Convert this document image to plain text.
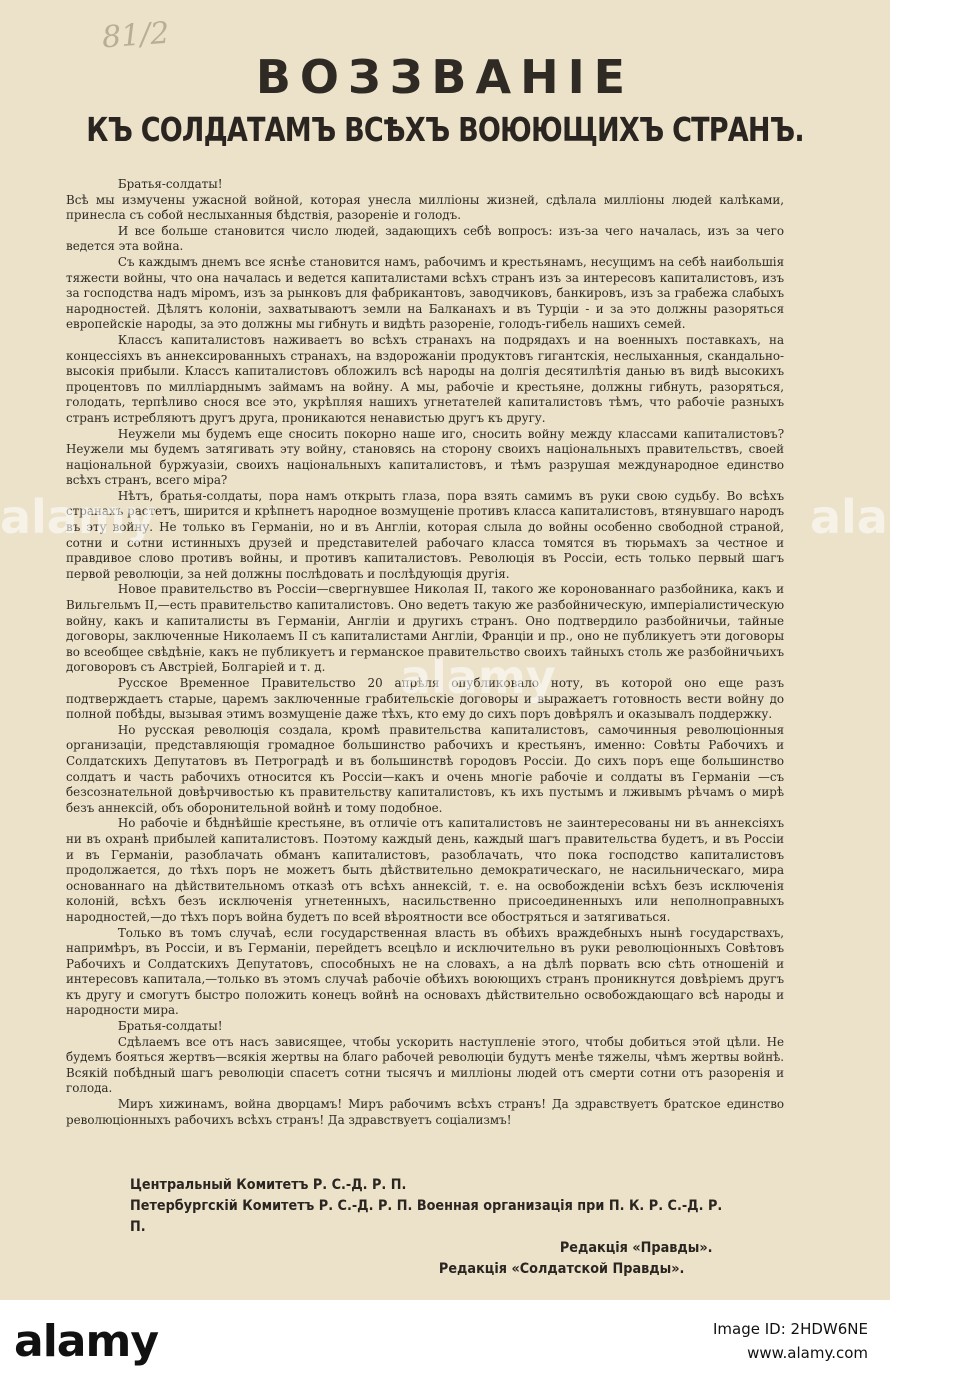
81/2
ВОЗЗВАНІЕ
КЪ СОЛДАТАМЪ ВСѢХЪ ВОЮЮЩИХЪ СТРАНЪ.

Братья-солдаты!

Всѣ мы измучены ужасной войной, которая унесла милліоны жизней, сдѣлала милліоны людей калѣками, принесла съ собой неслыханныя бѣдствія, разореніе и голодъ.

И все больше становится число людей, задающихъ себѣ вопросъ: изъ-за чего началась, изъ за чего ведется эта война.

Съ каждымъ днемъ все яснѣе становится намъ, рабочимъ и крестьянамъ, несущимъ на себѣ наибольшія тяжести войны, что она началась и ведется капиталистами всѣхъ странъ изъ за интересовъ капиталистовъ, изъ за господства надъ міромъ, изъ за рынковъ для фабрикантовъ, заводчиковъ, банкировъ, изъ за грабежа слабыхъ народностей. Дѣлятъ колоніи, захватываютъ земли на Балканахъ и въ Турціи - и за это должны разоряться европейскіе народы, за это должны мы гибнуть и видѣть разореніе, голодъ-гибель нашихъ семей.

Классъ капиталистовъ наживаетъ во всѣхъ странахъ на подрядахъ и на военныхъ поставкахъ, на концессіяхъ въ аннексированныхъ странахъ, на вздорожаніи продуктовъ гигантскія, неслыханныя, скандально-высокія прибыли. Классъ капиталистовъ обложилъ всѣ народы на долгія десятилѣтія данью въ видѣ высокихъ процентовъ по милліарднымъ займамъ на войну. А мы, рабочіе и крестьяне, должны гибнуть, разоряться, голодать, терпѣливо снося все это, укрѣпляя нашихъ угнетателей капиталистовъ тѣмъ, что рабочіе разныхъ странъ истребляютъ другъ друга, проникаются ненавистью другъ къ другу.

Неужели мы будемъ еще сносить покорно наше иго, сносить войну между классами капиталистовъ? Неужели мы будемъ затягивать эту войну, становясь на сторону своихъ національныхъ правительствъ, своей національной буржуазіи, своихъ національныхъ капиталистовъ, и тѣмъ разрушая международное единство всѣхъ странъ, всего міра?

Нѣтъ, братья-солдаты, пора намъ открыть глаза, пора взять самимъ въ руки свою судьбу. Во всѣхъ странахъ растетъ, ширится и крѣпнетъ народное возмущеніе противъ класса капиталистовъ, втянувшаго народъ въ эту войну. Не только въ Германіи, но и въ Англіи, которая слыла до войны особенно свободной страной, сотни и сотни истинныхъ друзей и представителей рабочаго класса томятся въ тюрьмахъ за честное и правдивое слово противъ войны, и противъ капиталистовъ. Революція въ Россіи, есть только первый шагъ первой революціи, за ней должны послѣдовать и послѣдующія другія.

Новое правительство въ Россіи—свергнувшее Николая II, такого же коронованнаго разбойника, какъ и Вильгельмъ II,—есть правительство капиталистовъ. Оно ведетъ такую же разбойническую, имперіалистическую войну, какъ и капиталисты въ Германіи, Англіи и другихъ странъ. Оно подтвердило разбойничьи, тайные договоры, заключенные Николаемъ II съ капиталистами Англіи, Франціи и пр., оно не публикуетъ эти договоры во всеобщее свѣдѣніе, какъ не публикуетъ и германское правительство своихъ тайныхъ столь же разбойничьихъ договоровъ съ Австріей, Болгаріей и т. д.

Русское Временное Правительство 20 апрѣля опубликовало ноту, въ которой оно еще разъ подтверждаетъ старые, царемъ заключенные грабительскіе договоры и выражаетъ готовность вести войну до полной побѣды, вызывая этимъ возмущеніе даже тѣхъ, кто ему до сихъ поръ довѣрялъ и оказывалъ поддержку.

Но русская революція создала, кромѣ правительства капиталистовъ, самочинныя революціонныя организаціи, представляющія громадное большинство рабочихъ и крестьянъ, именно: Совѣты Рабочихъ и Солдатскихъ Депутатовъ въ Петроградѣ и въ большинствѣ городовъ Россіи. До сихъ поръ еще большинство солдатъ и часть рабочихъ относится къ Россіи—какъ и очень многіе рабочіе и солдаты въ Германіи —съ безсознательной довѣрчивостью къ правительству капиталистовъ, къ ихъ пустымъ и лживымъ рѣчамъ о мирѣ безъ аннексій, объ оборонительной войнѣ и тому подобное.

Но рабочіе и бѣднѣйшіе крестьяне, въ отличіе отъ капиталистовъ не заинтересованы ни въ аннексіяхъ ни въ охранѣ прибылей капиталистовъ. Поэтому каждый день, каждый шагъ правительства будетъ, и въ Россіи и въ Германіи, разоблачать обманъ капиталистовъ, разоблачать, что пока господство капиталистовъ продолжается, до тѣхъ поръ не можетъ быть дѣйствительно демократическаго, не насильническаго, мира основаннаго на дѣйствительномъ отказѣ отъ всѣхъ аннексій, т. е. на освобожденіи всѣхъ безъ исключенія колоній, всѣхъ безъ исключенія угнетенныхъ, насильственно присоединенныхъ или неполноправныхъ народностей,—до тѣхъ поръ война будетъ по всей вѣроятности все обостряться и затягиваться.

Только въ томъ случаѣ, если государственная власть въ обѣихъ враждебныхъ нынѣ государствахъ, напримѣръ, въ Россіи, и въ Германіи, перейдетъ всецѣло и исключительно въ руки революціонныхъ Совѣтовъ Рабочихъ и Солдатскихъ Депутатовъ, способныхъ не на словахъ, а на дѣлѣ порвать всю сѣть отношеній и интересовъ капитала,—только въ этомъ случаѣ рабочіе обѣихъ воюющихъ странъ проникнутся довѣріемъ другъ къ другу и смогутъ быстро положить конецъ войнѣ на основахъ дѣйствительно освобождающаго всѣ народы и народности мира.

Братья-солдаты!

Сдѣлаемъ все отъ насъ зависящее, чтобы ускорить наступленіе этого, чтобы добиться этой цѣли. Не будемъ бояться жертвъ—всякія жертвы на благо рабочей революціи будутъ менѣе тяжелы, чѣмъ жертвы войнѣ. Всякій побѣдный шагъ революціи спасетъ сотни тысячъ и милліоны людей отъ смерти сотни отъ разоренія и голода.

Миръ хижинамъ, война дворцамъ! Миръ рабочимъ всѣхъ странъ! Да здравствуетъ братское единство революціонныхъ рабочихъ всѣхъ странъ! Да здравствуетъ соціализмъ!

Центральный Комитетъ Р. С.-Д. Р. П.
Петербургскій Комитетъ Р. С.-Д. Р. П. Военная организація при П. К. Р. С.-Д. Р. П.
Редакція «Правды».
Редакція «Солдатской Правды».
alamy	alamy
alamy
alamy	Image ID: 2HDW6NE
www.alamy.com
